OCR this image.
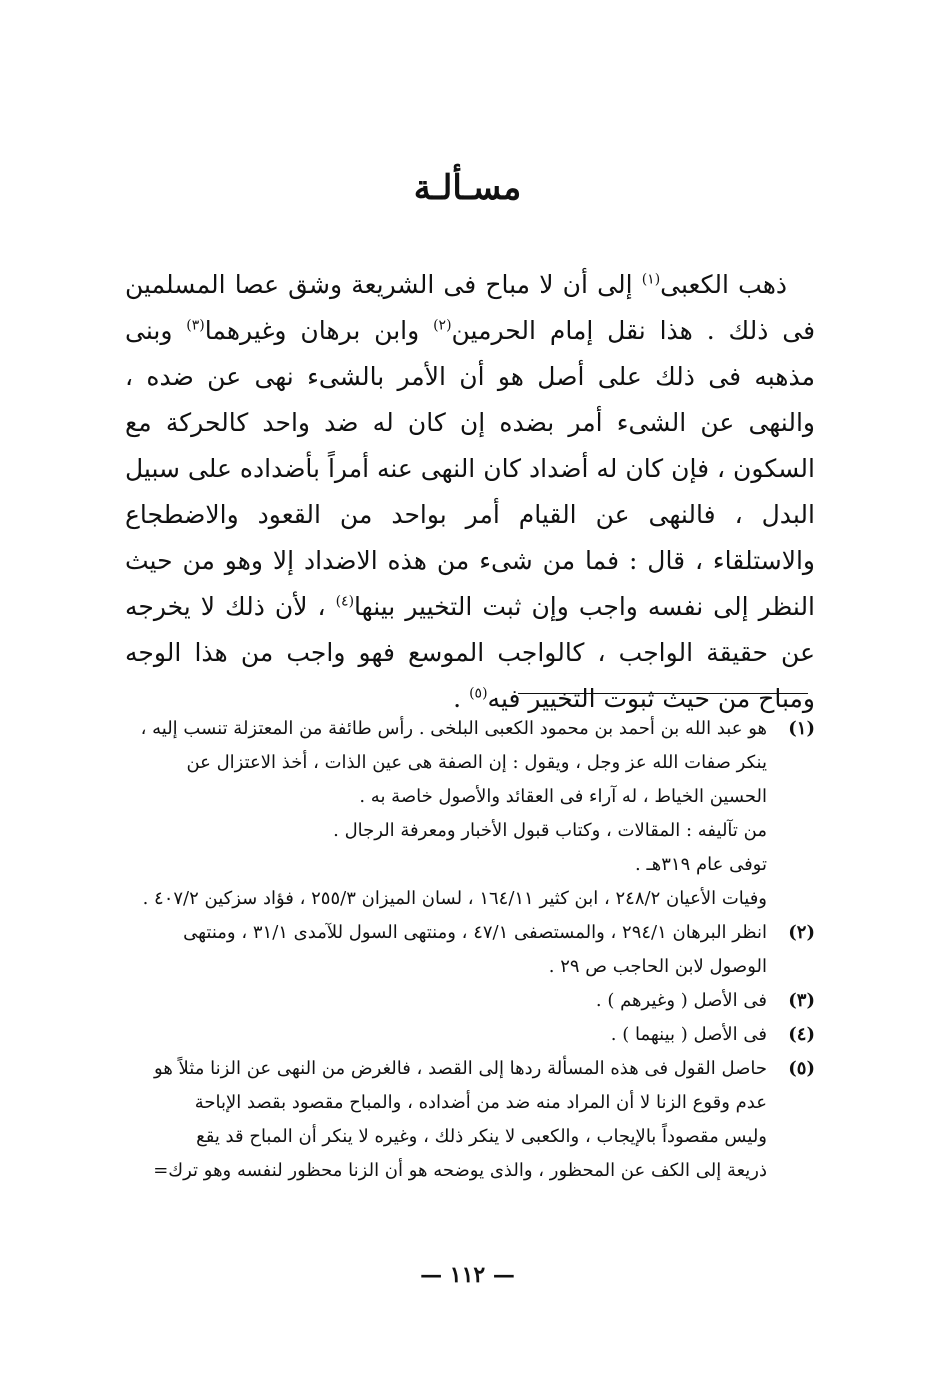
مسـألـة

ذهب الكعبى$^{(١)}$ إلى أن لا مباح فى الشريعة وشق عصا المسلمين فى ذلك . هذا نقل إمام الحرمين$^{(٢)}$ وابن برهان وغيرهما$^{(٣)}$ وبنى مذهبه فى ذلك على أصل هو أن الأمر بالشىء نهى عن ضده ، والنهى عن الشىء أمر بضده إن كان له ضد واحد كالحركة مع السكون ، فإن كان له أضداد كان النهى عنه أمراً بأضداده على سبيل البدل ، فالنهى عن القيام أمر بواحد من القعود والاضطجاع والاستلقاء ، قال : فما من شىء من هذه الاضداد إلا وهو من حيث النظر إلى نفسه واجب وإن ثبت التخيير بينها$^{(٤)}$ ، لأن ذلك لا يخرجه عن حقيقة الواجب ، كالواجب الموسع فهو واجب من هذا الوجه ومباح من حيث ثبوت التخيير فيه$^{(٥)}$ .

(١)
هو عبد الله بن أحمد بن محمود الكعبى البلخى . رأس طائفة من المعتزلة تنسب إليه ،
ينكر صفات الله عز وجل ، ويقول : إن الصفة هى عين الذات ، أخذ الاعتزال عن
الحسين الخياط ، له آراء فى العقائد والأصول خاصة به .
من تآليفه : المقالات ، وكتاب قبول الأخبار ومعرفة الرجال .
توفى عام ٣١٩هـ .
وفيات الأعيان ٢٤٨/٢ ، ابن كثير ١٦٤/١١ ، لسان الميزان ٢٥٥/٣ ، فؤاد سزكين ٤٠٧/٢ .
(٢)
انظر البرهان ٢٩٤/١ ، والمستصفى ٤٧/١ ، ومنتهى السول للآمدى ٣١/١ ، ومنتهى
الوصول لابن الحاجب ص ٢٩ .
(٣)
فى الأصل ( وغيرهم ) .
(٤)
فى الأصل ( بينهما ) .
(٥)
حاصل القول فى هذه المسألة ردها إلى القصد ، فالغرض من النهى عن الزنا مثلاً هو
عدم وقوع الزنا لا أن المراد منه ضد من أضداده ، والمباح مقصود بقصد الإباحة
وليس مقصوداً بالإيجاب ، والكعبى لا ينكر ذلك ، وغيره لا ينكر أن المباح قد يقع
ذريعة إلى الكف عن المحظور ، والذى يوضحه هو أن الزنا محظور لنفسه وهو ترك=
— ١١٢ —
